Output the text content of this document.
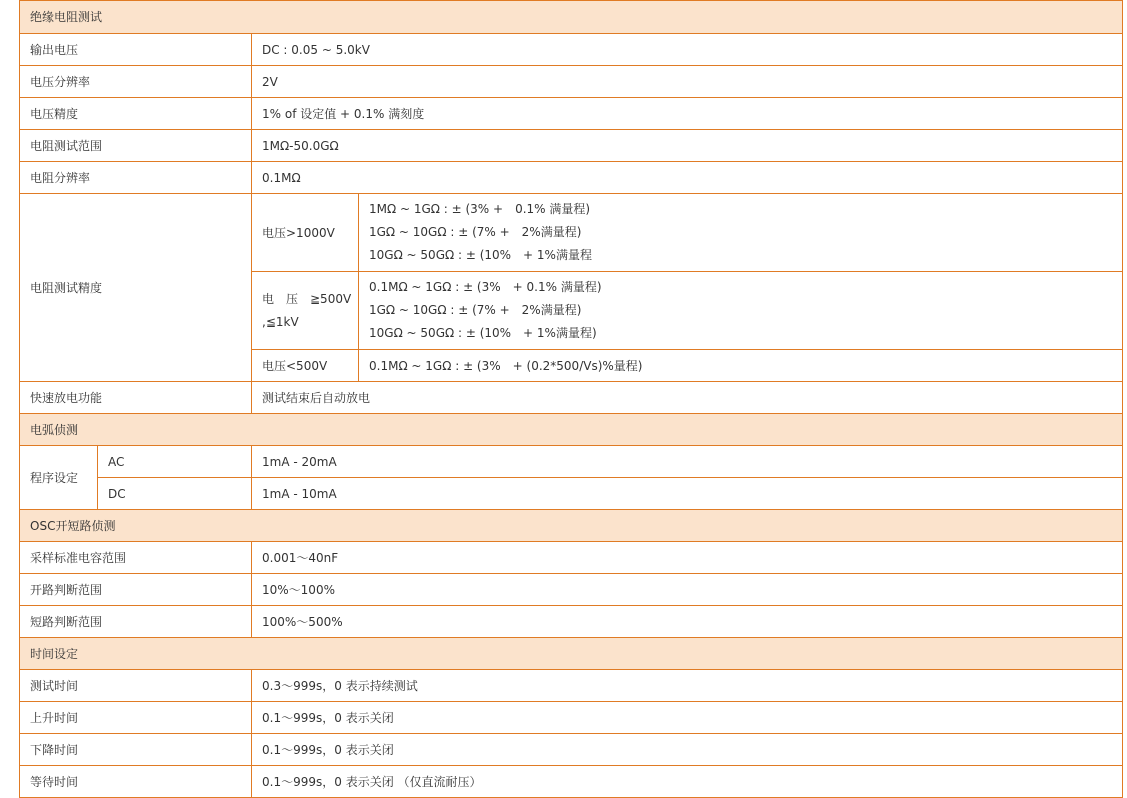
绝缘电阻测试			
输出电压		DC : 0.05 ~ 5.0kV	
电压分辨率		2V	
电压精度		1% of 设定值 + 0.1% 满刻度	
电阻测试范围		1MΩ-50.0GΩ	
电阻分辨率		0.1MΩ	
电阻测试精度		电压>1000V	1MΩ ~ 1GΩ : ± (3% +　0.1% 满量程)
1GΩ ~ 10GΩ : ± (7% +　2%满量程)
10GΩ ~ 50GΩ : ± (10%　+ 1%满量程

		电　压　≧500V
,≦1kV	0.1MΩ ~ 1GΩ : ± (3%　+ 0.1% 满量程)
1GΩ ~ 10GΩ : ± (7% +　2%满量程)
10GΩ ~ 50GΩ : ± (10%　+ 1%满量程)

		电压<500V	0.1MΩ ~ 1GΩ : ± (3%　+ (0.2*500/Vs)%量程)
快速放电功能		测试结束后自动放电	
电弧侦测			
程序设定	AC	1mA - 20mA	
	DC	1mA - 10mA	
OSC开短路侦测			
采样标准电容范围		0.001～40nF	
开路判断范围		10%～100%	
短路判断范围		100%～500%	
时间设定			
测试时间		0.3～999s，0 表示持续测试	
上升时间		0.1～999s，0 表示关闭	
下降时间		0.1～999s，0 表示关闭	
等待时间		0.1～999s，0 表示关闭 （仅直流耐压）	
